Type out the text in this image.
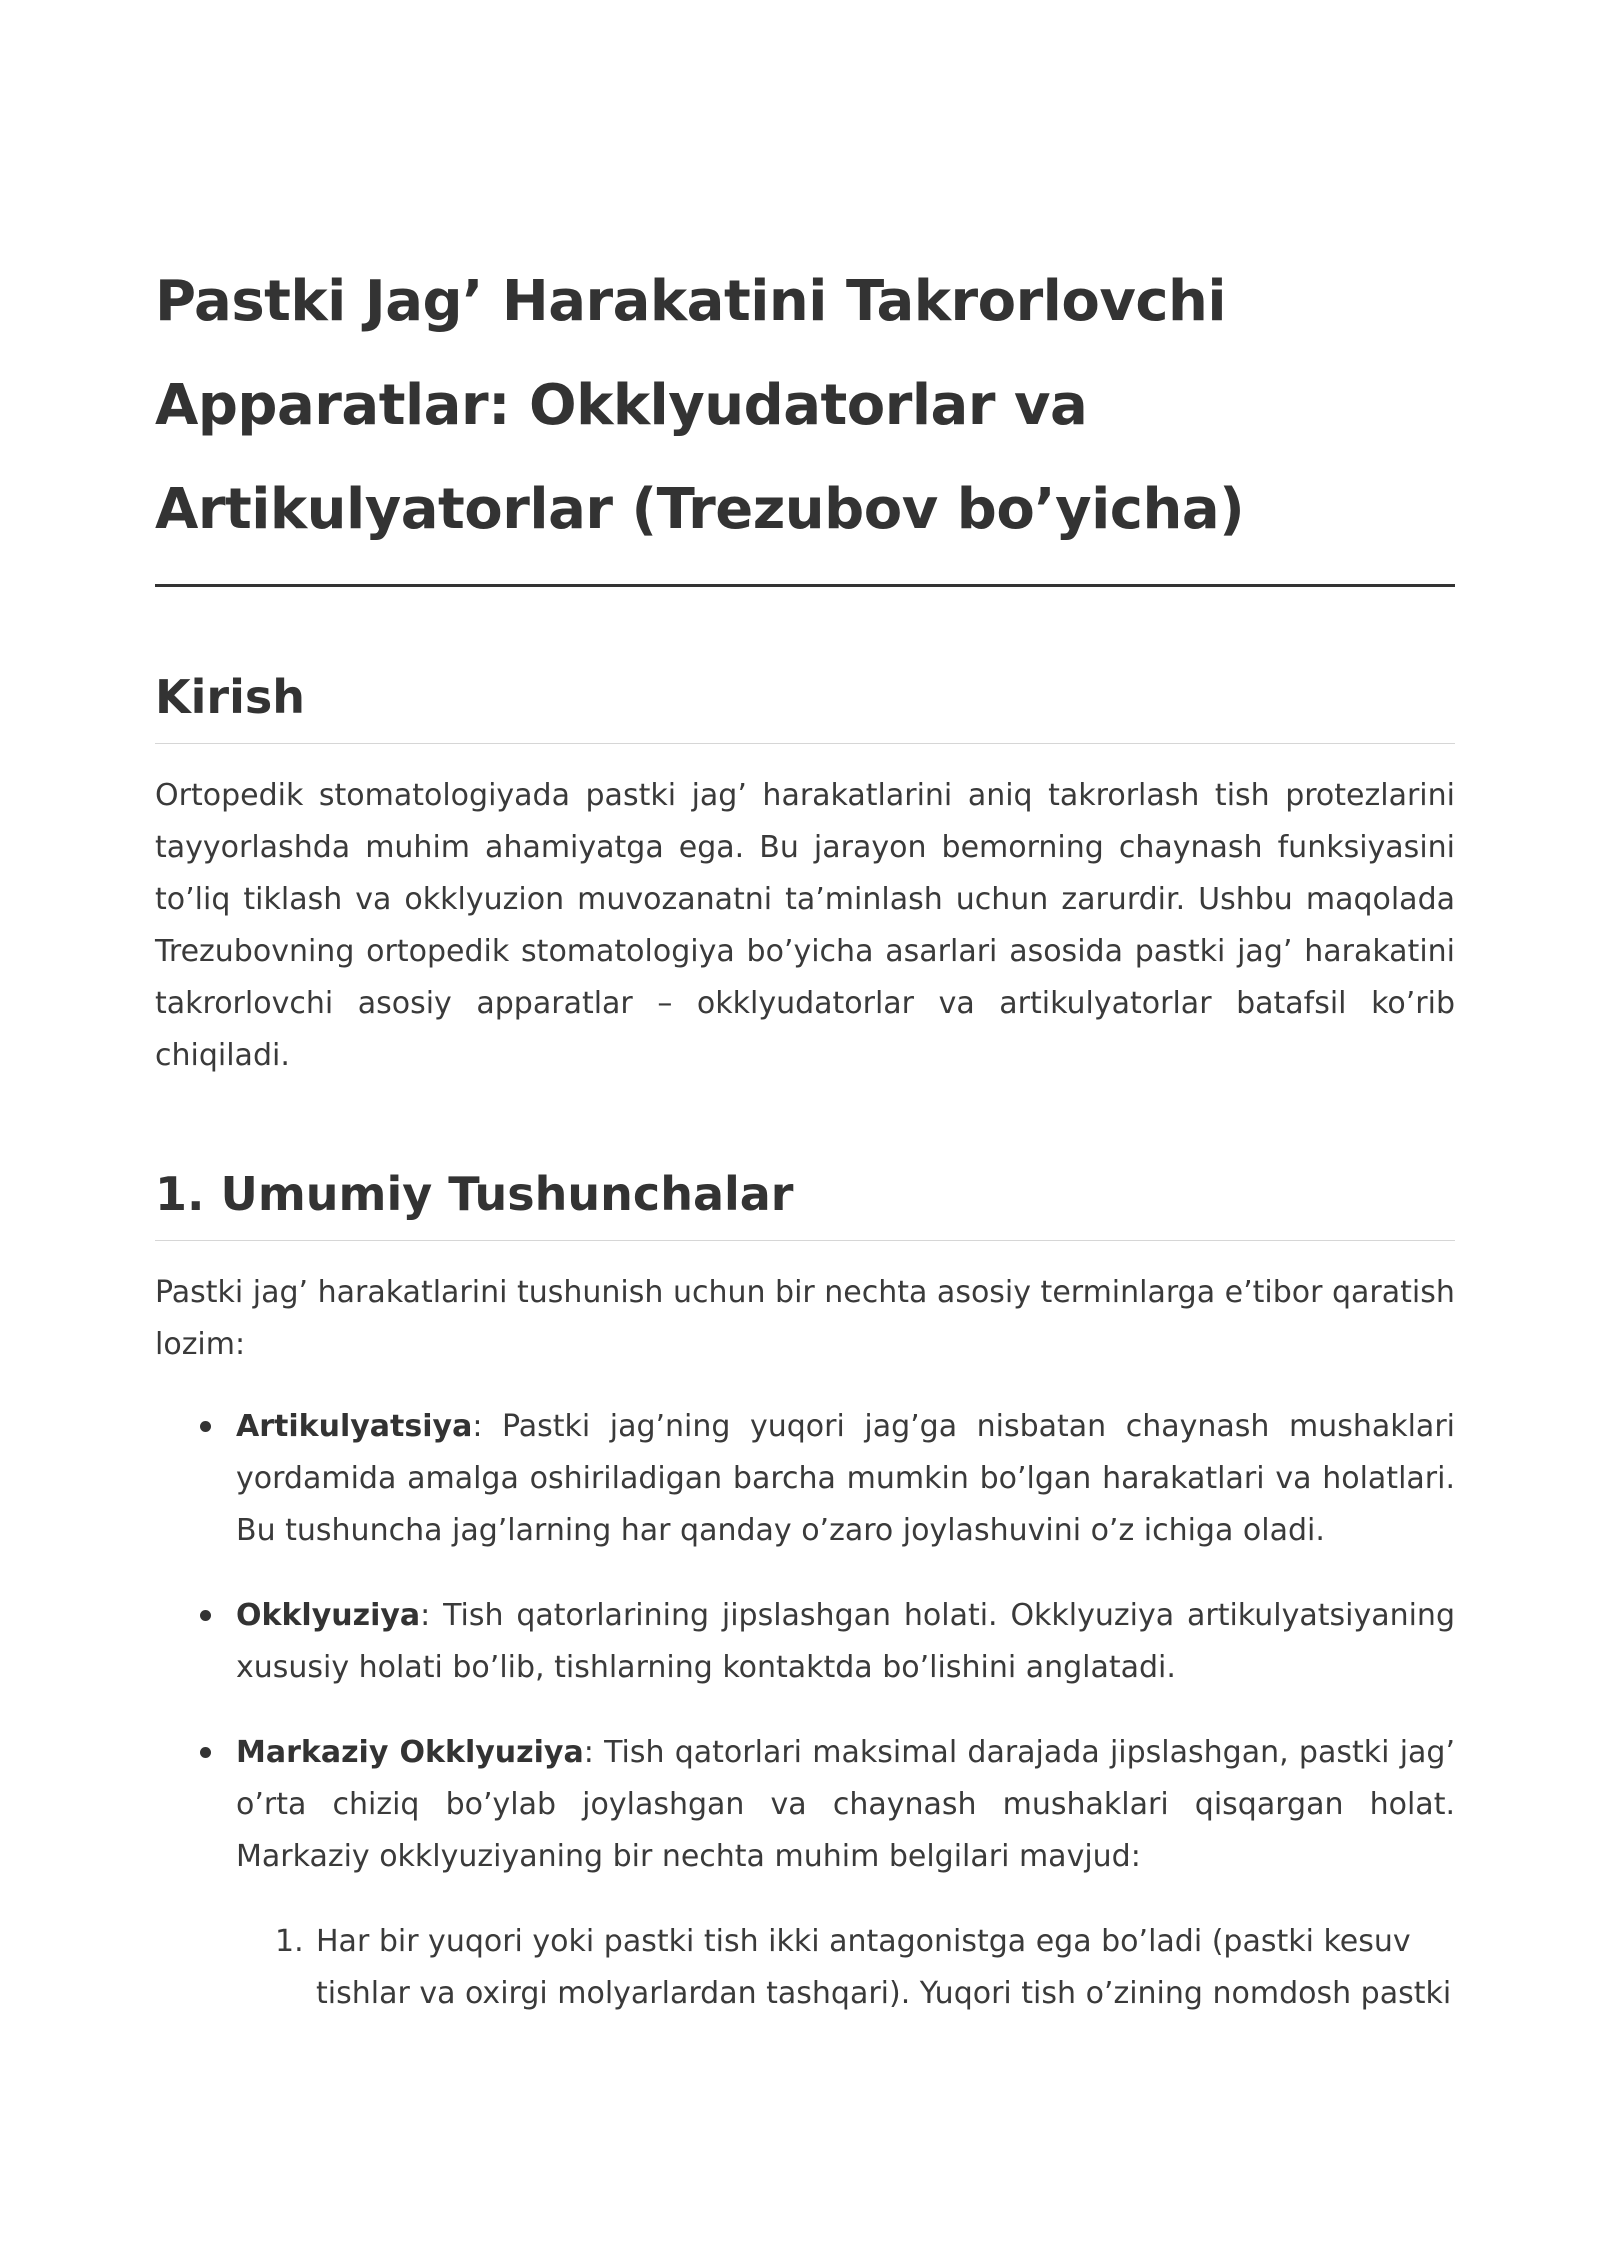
Pastki Jag’ Harakatini Takrorlovchi Apparatlar: Okklyudatorlar va Artikulyatorlar (Trezubov bo’yicha)
Kirish

Ortopedik stomatologiyada pastki jag’ harakatlarini aniq takrorlash tish protezlarini tayyorlashda muhim ahamiyatga ega. Bu jarayon bemorning chaynash funksiyasini to’liq tiklash va okklyuzion muvozanatni ta’minlash uchun zarurdir. Ushbu maqolada Trezubovning ortopedik stomatologiya bo’yicha asarlari asosida pastki jag’ harakatini takrorlovchi asosiy apparatlar – okklyudatorlar va artikulyatorlar batafsil ko’rib chiqiladi.

1. Umumiy Tushunchalar

Pastki jag’ harakatlarini tushunish uchun bir nechta asosiy terminlarga e’tibor qaratish lozim:

Artikulyatsiya: Pastki jag’ning yuqori jag’ga nisbatan chaynash mushaklari yordamida amalga oshiriladigan barcha mumkin bo’lgan harakatlari va holatlari. Bu tushuncha jag’larning har qanday o’zaro joylashuvini o’z ichiga oladi.
Okklyuziya: Tish qatorlarining jipslashgan holati. Okklyuziya artikulyatsiyaning xususiy holati bo’lib, tishlarning kontaktda bo’lishini anglatadi.
Markaziy Okklyuziya: Tish qatorlari maksimal darajada jipslashgan, pastki jag’ o’rta chiziq bo’ylab joylashgan va chaynash mushaklari qisqargan holat. Markaziy okklyuziyaning bir nechta muhim belgilari mavjud:
1. Har bir yuqori yoki pastki tish ikki antagonistga ega bo’ladi (pastki kesuv
tishlar va oxirgi molyarlardan tashqari). Yuqori tish o’zining nomdosh pastki
